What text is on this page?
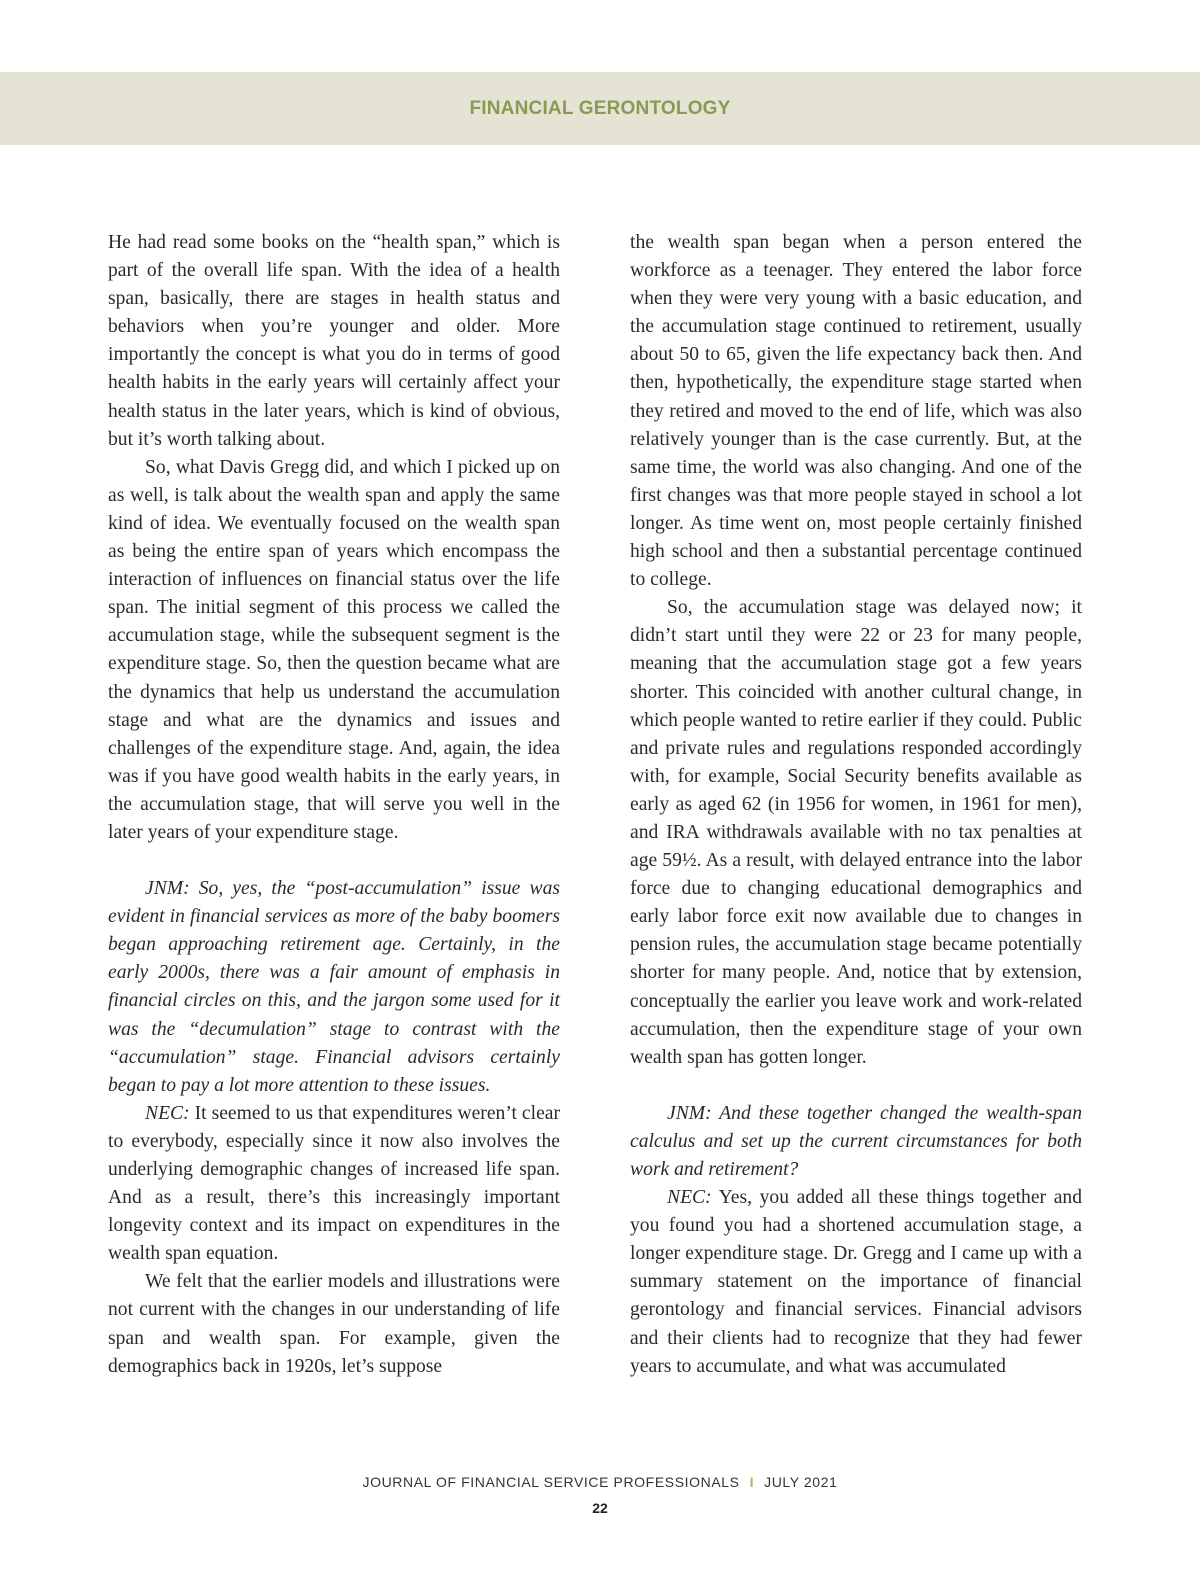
FINANCIAL GERONTOLOGY

He had read some books on the “health span,” which is part of the overall life span. With the idea of a health span, basically, there are stages in health status and behaviors when you’re younger and older. More importantly the concept is what you do in terms of good health habits in the early years will certainly affect your health status in the later years, which is kind of obvious, but it’s worth talking about.

So, what Davis Gregg did, and which I picked up on as well, is talk about the wealth span and apply the same kind of idea. We eventually focused on the wealth span as being the entire span of years which encompass the interaction of influences on financial status over the life span. The initial segment of this process we called the accumulation stage, while the subsequent segment is the expenditure stage. So, then the question became what are the dynamics that help us understand the accumulation stage and what are the dynamics and issues and challenges of the expenditure stage. And, again, the idea was if you have good wealth habits in the early years, in the accumulation stage, that will serve you well in the later years of your expenditure stage.

JNM: So, yes, the “post-accumulation” issue was evident in financial services as more of the baby boomers began approaching retirement age. Certainly, in the early 2000s, there was a fair amount of emphasis in financial circles on this, and the jargon some used for it was the “decumulation” stage to contrast with the “accumulation” stage. Financial advisors certainly began to pay a lot more attention to these issues.

NEC: It seemed to us that expenditures weren’t clear to everybody, especially since it now also involves the underlying demographic changes of increased life span. And as a result, there’s this increasingly important longevity context and its impact on expenditures in the wealth span equation.

We felt that the earlier models and illustrations were not current with the changes in our understanding of life span and wealth span. For example, given the demographics back in 1920s, let’s suppose

the wealth span began when a person entered the workforce as a teenager. They entered the labor force when they were very young with a basic education, and the accumulation stage continued to retirement, usually about 50 to 65, given the life expectancy back then. And then, hypothetically, the expenditure stage started when they retired and moved to the end of life, which was also relatively younger than is the case currently. But, at the same time, the world was also changing. And one of the first changes was that more people stayed in school a lot longer. As time went on, most people certainly finished high school and then a substantial percentage continued to college.

So, the accumulation stage was delayed now; it didn’t start until they were 22 or 23 for many people, meaning that the accumulation stage got a few years shorter. This coincided with another cultural change, in which people wanted to retire earlier if they could. Public and private rules and regulations responded accordingly with, for example, Social Security benefits available as early as aged 62 (in 1956 for women, in 1961 for men), and IRA withdrawals available with no tax penalties at age 59½. As a result, with delayed entrance into the labor force due to changing educational demographics and early labor force exit now available due to changes in pension rules, the accumulation stage became potentially shorter for many people. And, notice that by extension, conceptually the earlier you leave work and work-related accumulation, then the expenditure stage of your own wealth span has gotten longer.

JNM: And these together changed the wealth-span calculus and set up the current circumstances for both work and retirement?

NEC: Yes, you added all these things together and you found you had a shortened accumulation stage, a longer expenditure stage. Dr. Gregg and I came up with a summary statement on the importance of financial gerontology and financial services. Financial advisors and their clients had to recognize that they had fewer years to accumulate, and what was accumulated

JOURNAL OF FINANCIAL SERVICE PROFESSIONALS I JULY 2021
22
